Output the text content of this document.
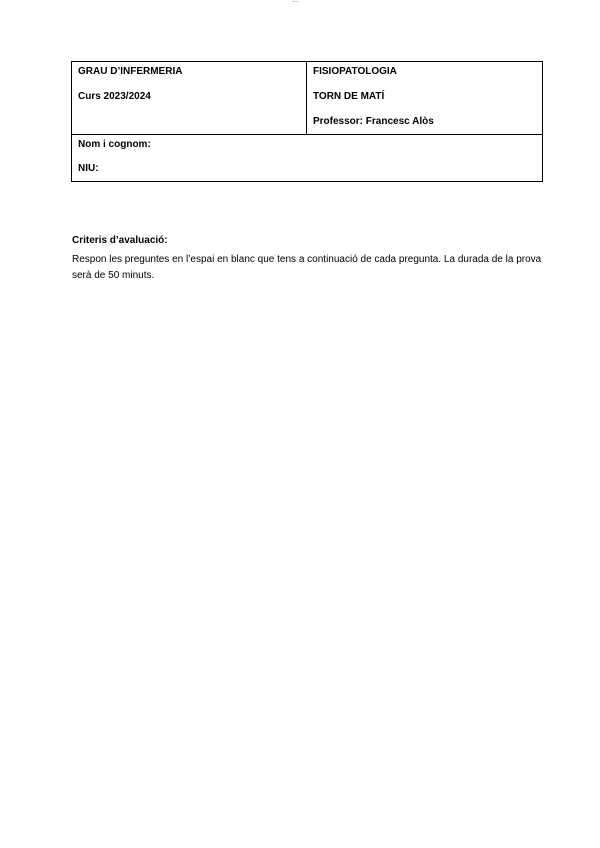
----
GRAU D’INFERMERIA
Curs 2023/2024

FISIOPATOLOGIA
TORN DE MATÍ
Professor: Francesc Alòs

Nom i cognom:
NIU:

Criteris d’avaluació:

Respon les preguntes en l’espai en blanc que tens a continuació de cada pregunta. La durada de la prova serà de 50 minuts.
